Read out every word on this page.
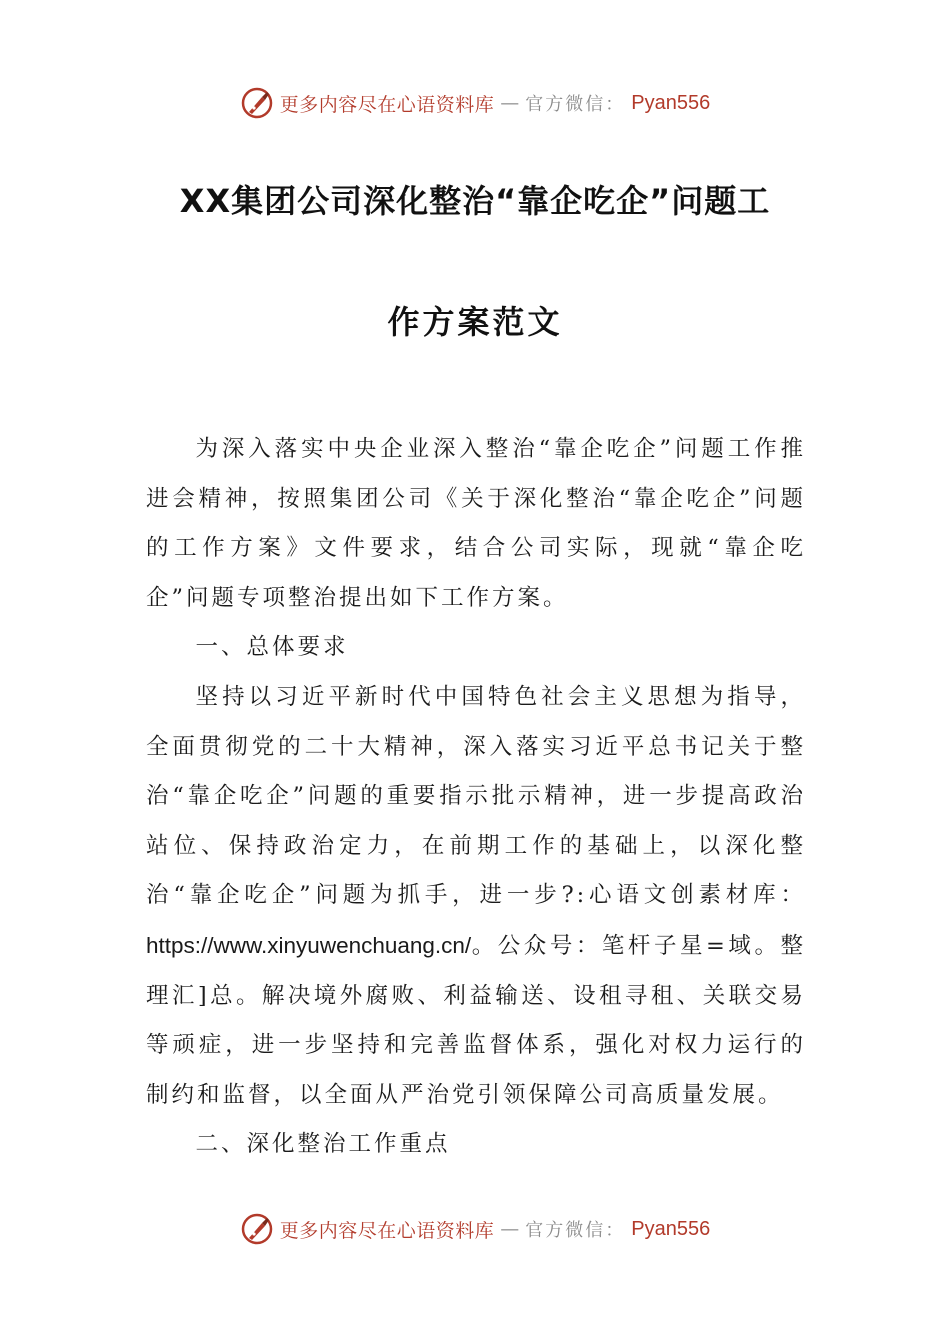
更多内容尽在心语资料库 — 官方微信： Pyan556
XX集团公司深化整治“靠企吃企”问题工
作方案范文

为深入落实中央企业深入整治“靠企吃企”问题工作推进会精神，按照集团公司《关于深化整治“靠企吃企”问题的工作方案》文件要求，结合公司实际，现就“靠企吃企”问题专项整治提出如下工作方案。

一、总体要求

坚持以习近平新时代中国特色社会主义思想为指导，全面贯彻党的二十大精神，深入落实习近平总书记关于整治“靠企吃企”问题的重要指示批示精神，进一步提高政治站位、保持政治定力，在前期工作的基础上，以深化整治“靠企吃企”问题为抓手，进一步?:心语文创素材库：https://www.xinyuwenchuang.cn/。公众号：笔杆子星=域。整理汇]总。解决境外腐败、利益输送、设租寻租、关联交易等顽症，进一步坚持和完善监督体系，强化对权力运行的制约和监督，以全面从严治党引领保障公司高质量发展。

二、深化整治工作重点

更多内容尽在心语资料库 — 官方微信： Pyan556
